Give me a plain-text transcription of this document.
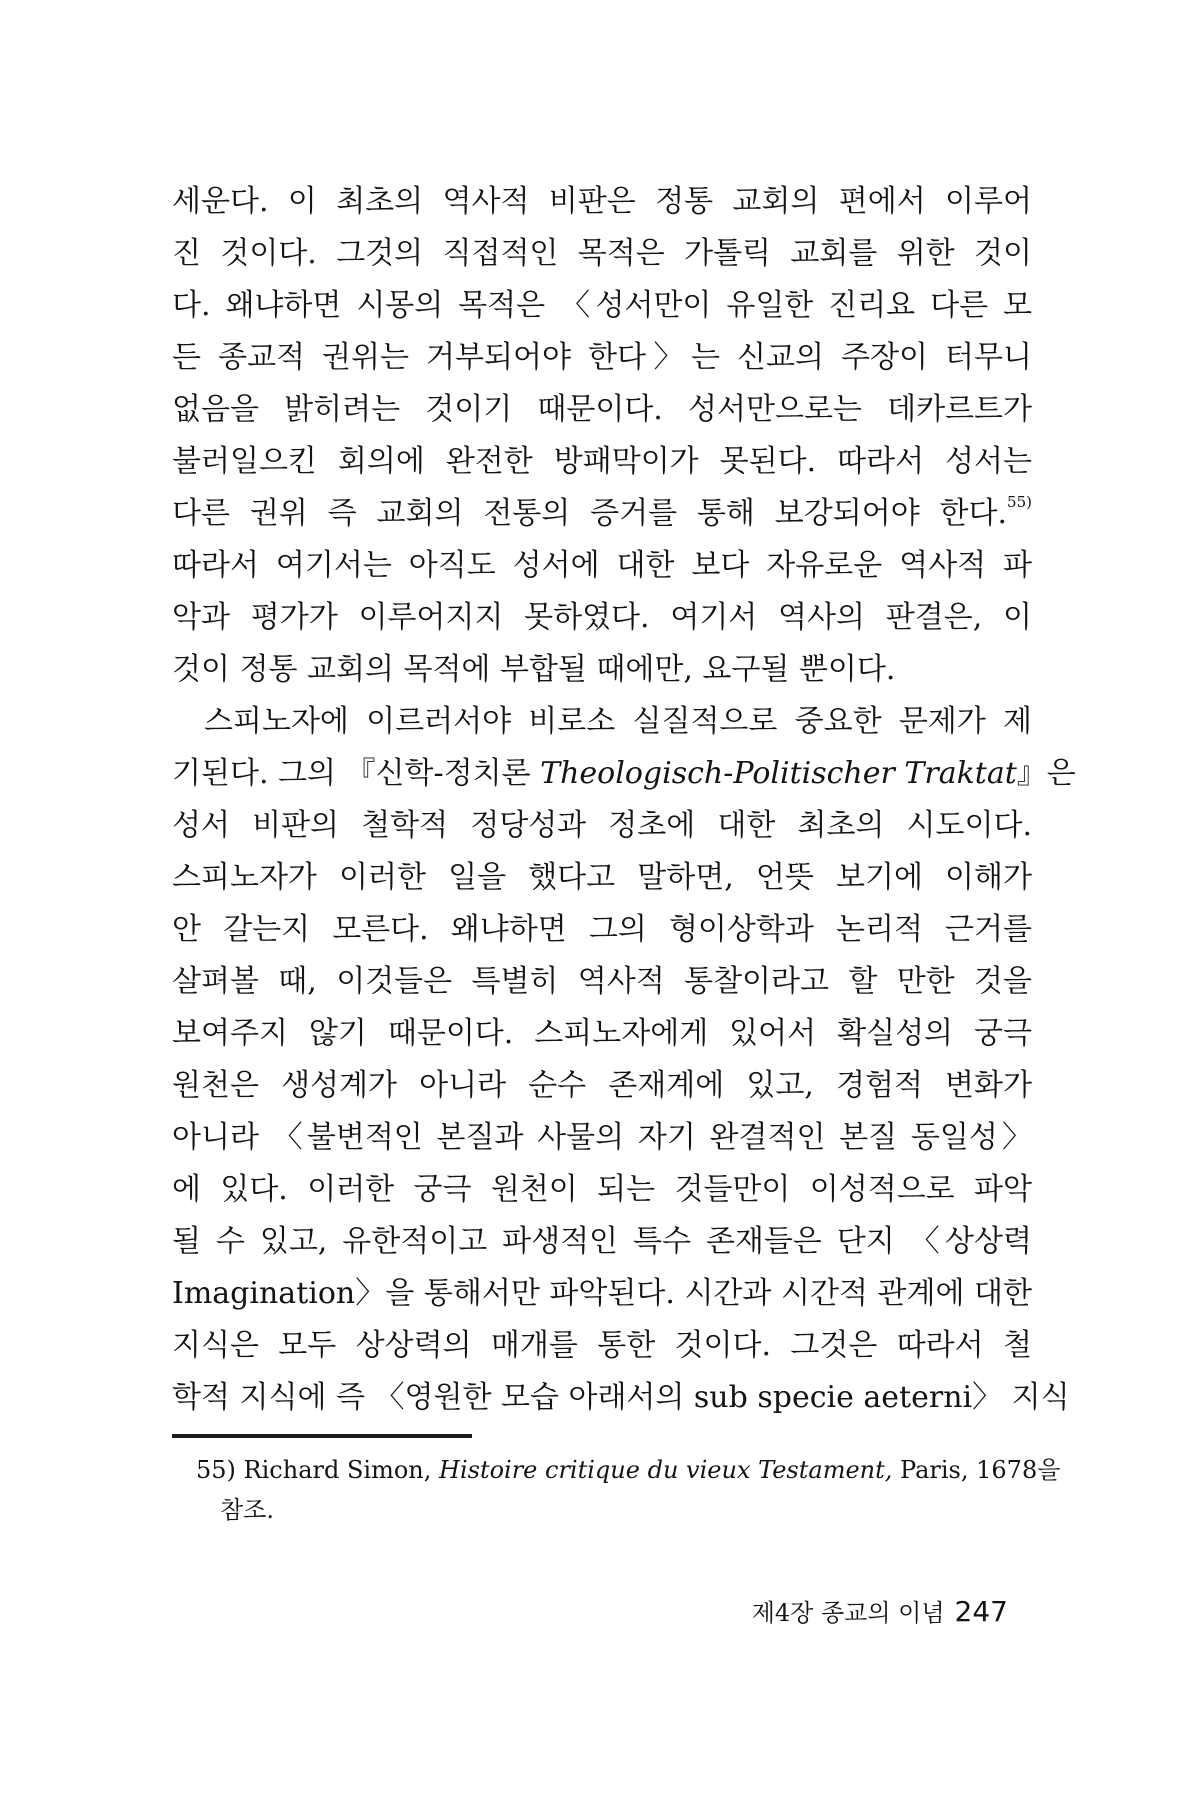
세운다. 이 최초의 역사적 비판은 정통 교회의 편에서 이루어
진 것이다. 그것의 직접적인 목적은 가톨릭 교회를 위한 것이
다. 왜냐하면 시몽의 목적은 〈성서만이 유일한 진리요 다른 모
든 종교적 권위는 거부되어야 한다〉는 신교의 주장이 터무니
없음을 밝히려는 것이기 때문이다. 성서만으로는 데카르트가
불러일으킨 회의에 완전한 방패막이가 못된다. 따라서 성서는
다른 권위 즉 교회의 전통의 증거를 통해 보강되어야 한다.$^{55)}$
따라서 여기서는 아직도 성서에 대한 보다 자유로운 역사적 파
악과 평가가 이루어지지 못하였다. 여기서 역사의 판결은, 이
것이 정통 교회의 목적에 부합될 때에만, 요구될 뿐이다.
스피노자에 이르러서야 비로소 실질적으로 중요한 문제가 제
기된다. 그의 『신학-정치론 Theologisch-Politischer Traktat』은
성서 비판의 철학적 정당성과 정초에 대한 최초의 시도이다.
스피노자가 이러한 일을 했다고 말하면, 언뜻 보기에 이해가
안 갈는지 모른다. 왜냐하면 그의 형이상학과 논리적 근거를
살펴볼 때, 이것들은 특별히 역사적 통찰이라고 할 만한 것을
보여주지 않기 때문이다. 스피노자에게 있어서 확실성의 궁극
원천은 생성계가 아니라 순수 존재계에 있고, 경험적 변화가
아니라 〈불변적인 본질과 사물의 자기 완결적인 본질 동일성〉
에 있다. 이러한 궁극 원천이 되는 것들만이 이성적으로 파악
될 수 있고, 유한적이고 파생적인 특수 존재들은 단지 〈상상력
Imagination〉을 통해서만 파악된다. 시간과 시간적 관계에 대한
지식은 모두 상상력의 매개를 통한 것이다. 그것은 따라서 철
학적 지식에 즉 〈영원한 모습 아래서의 sub specie aeterni〉 지식
55) Richard Simon, Histoire critique du vieux Testament, Paris, 1678을
참조.
제4장 종교의 이념 247
